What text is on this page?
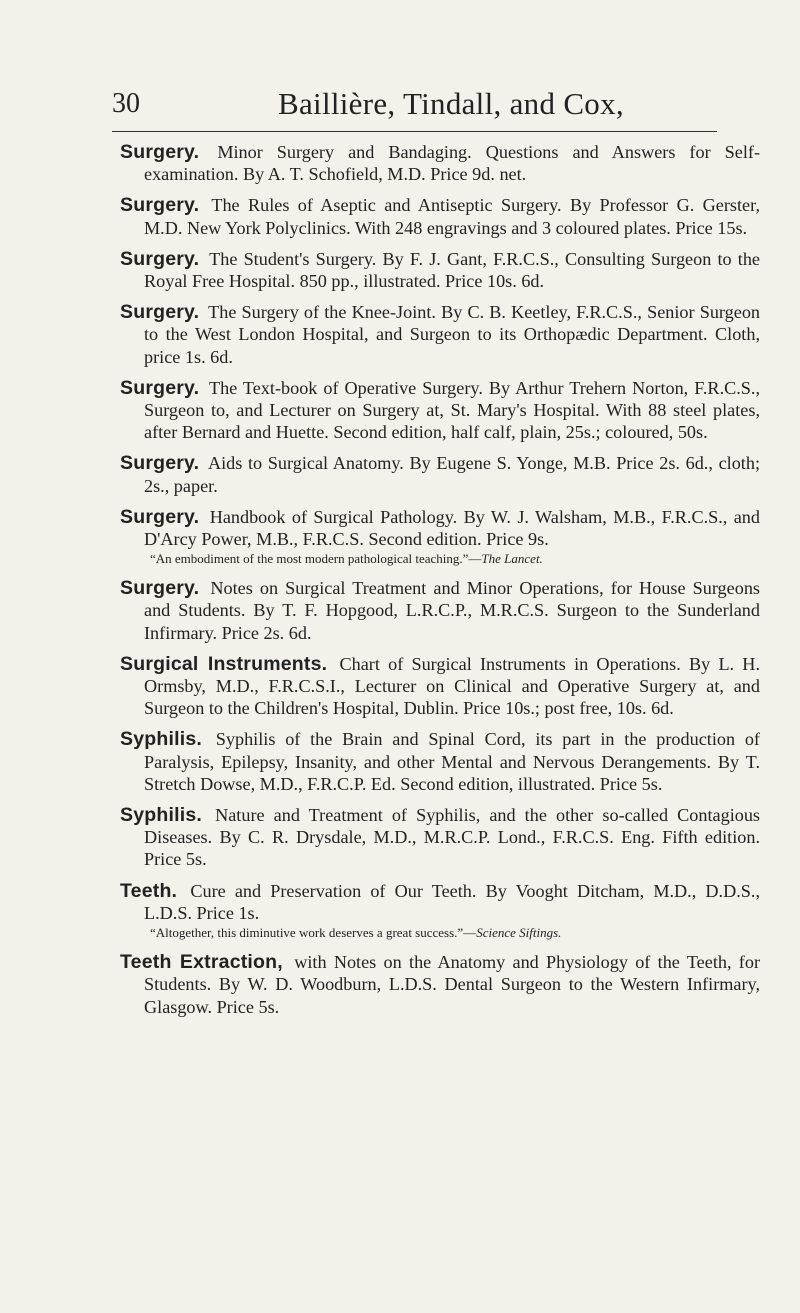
30	Baillière, Tindall, and Cox,

Surgery. Minor Surgery and Bandaging. Questions and Answers for Self-examination. By A. T. Schofield, M.D. Price 9d. net.

Surgery. The Rules of Aseptic and Antiseptic Surgery. By Professor G. Gerster, M.D. New York Polyclinics. With 248 engravings and 3 coloured plates. Price 15s.

Surgery. The Student's Surgery. By F. J. Gant, F.R.C.S., Consulting Surgeon to the Royal Free Hospital. 850 pp., illustrated. Price 10s. 6d.

Surgery. The Surgery of the Knee-Joint. By C. B. Keetley, F.R.C.S., Senior Surgeon to the West London Hospital, and Surgeon to its Orthopædic Department. Cloth, price 1s. 6d.

Surgery. The Text-book of Operative Surgery. By Arthur Trehern Norton, F.R.C.S., Surgeon to, and Lecturer on Surgery at, St. Mary's Hospital. With 88 steel plates, after Bernard and Huette. Second edition, half calf, plain, 25s.; coloured, 50s.

Surgery. Aids to Surgical Anatomy. By Eugene S. Yonge, M.B. Price 2s. 6d., cloth; 2s., paper.

Surgery. Handbook of Surgical Pathology. By W. J. Walsham, M.B., F.R.C.S., and D'Arcy Power, M.B., F.R.C.S. Second edition. Price 9s.
“An embodiment of the most modern pathological teaching.”—The Lancet.

Surgery. Notes on Surgical Treatment and Minor Operations, for House Surgeons and Students. By T. F. Hopgood, L.R.C.P., M.R.C.S. Surgeon to the Sunderland Infirmary. Price 2s. 6d.

Surgical Instruments. Chart of Surgical Instruments in Operations. By L. H. Ormsby, M.D., F.R.C.S.I., Lecturer on Clinical and Operative Surgery at, and Surgeon to the Children's Hospital, Dublin. Price 10s.; post free, 10s. 6d.

Syphilis. Syphilis of the Brain and Spinal Cord, its part in the production of Paralysis, Epilepsy, Insanity, and other Mental and Nervous Derangements. By T. Stretch Dowse, M.D., F.R.C.P. Ed. Second edition, illustrated. Price 5s.

Syphilis. Nature and Treatment of Syphilis, and the other so-called Contagious Diseases. By C. R. Drysdale, M.D., M.R.C.P. Lond., F.R.C.S. Eng. Fifth edition. Price 5s.

Teeth. Cure and Preservation of Our Teeth. By Vooght Ditcham, M.D., D.D.S., L.D.S. Price 1s.
“Altogether, this diminutive work deserves a great success.”—Science Siftings.

Teeth Extraction, with Notes on the Anatomy and Physiology of the Teeth, for Students. By W. D. Woodburn, L.D.S. Dental Surgeon to the Western Infirmary, Glasgow. Price 5s.
